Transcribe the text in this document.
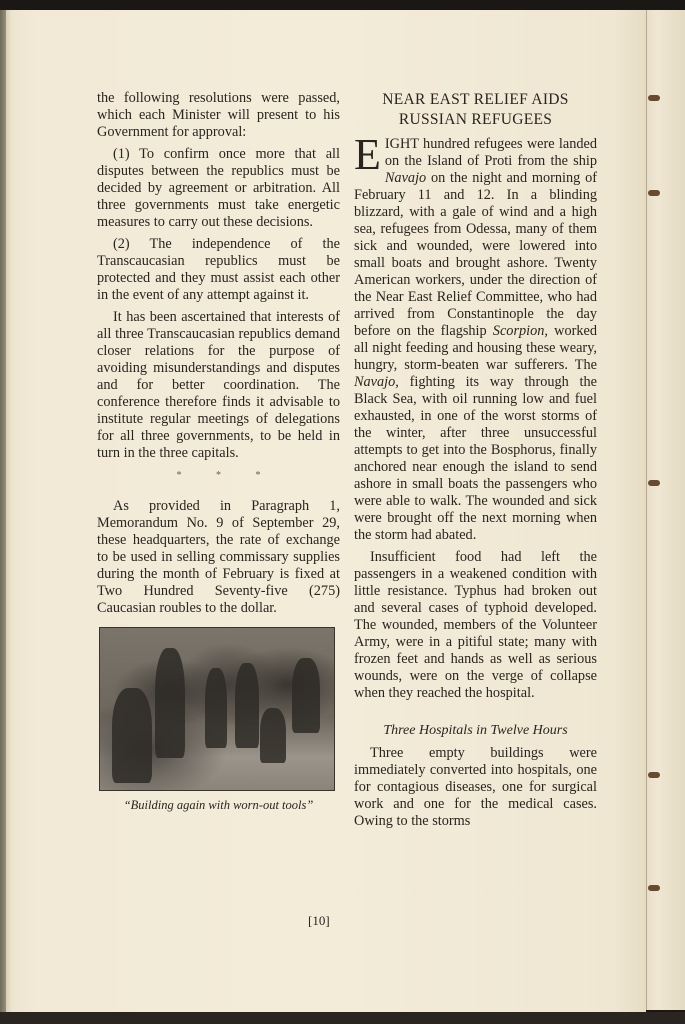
the following resolutions were passed, which each Minister will present to his Government for approval:

(1) To confirm once more that all disputes between the republics must be decided by agreement or arbitration. All three governments must take energetic measures to carry out these decisions.

(2) The independence of the Transcaucasian republics must be protected and they must assist each other in the event of any attempt against it.

It has been ascertained that interests of all three Transcaucasian republics demand closer relations for the purpose of avoiding misunderstandings and disputes and for better coordination. The conference therefore finds it advisable to institute regular meetings of delegations for all three governments, to be held in turn in the three capitals.

* * *

As provided in Paragraph 1, Memorandum No. 9 of September 29, these headquarters, the rate of exchange to be used in selling commissary supplies during the month of February is fixed at Two Hundred Seventy-five (275) Caucasian roubles to the dollar.

“Building again with worn-out tools”
NEAR EAST RELIEF AIDS RUSSIAN REFUGEES

EIGHT hundred refugees were landed on the Island of Proti from the ship Navajo on the night and morning of February 11 and 12. In a blinding blizzard, with a gale of wind and a high sea, refugees from Odessa, many of them sick and wounded, were lowered into small boats and brought ashore. Twenty American workers, under the direction of the Near East Relief Committee, who had arrived from Constantinople the day before on the flagship Scorpion, worked all night feeding and housing these weary, hungry, storm-beaten war sufferers. The Navajo, fighting its way through the Black Sea, with oil running low and fuel exhausted, in one of the worst storms of the winter, after three unsuccessful attempts to get into the Bosphorus, finally anchored near enough the island to send ashore in small boats the passengers who were able to walk. The wounded and sick were brought off the next morning when the storm had abated.

Insufficient food had left the passengers in a weakened condition with little resistance. Typhus had broken out and several cases of typhoid developed. The wounded, members of the Volunteer Army, were in a pitiful state; many with frozen feet and hands as well as serious wounds, were on the verge of collapse when they reached the hospital.

Three Hospitals in Twelve Hours

Three empty buildings were immediately converted into hospitals, one for contagious diseases, one for surgical work and one for the medical cases. Owing to the storms

[10]
